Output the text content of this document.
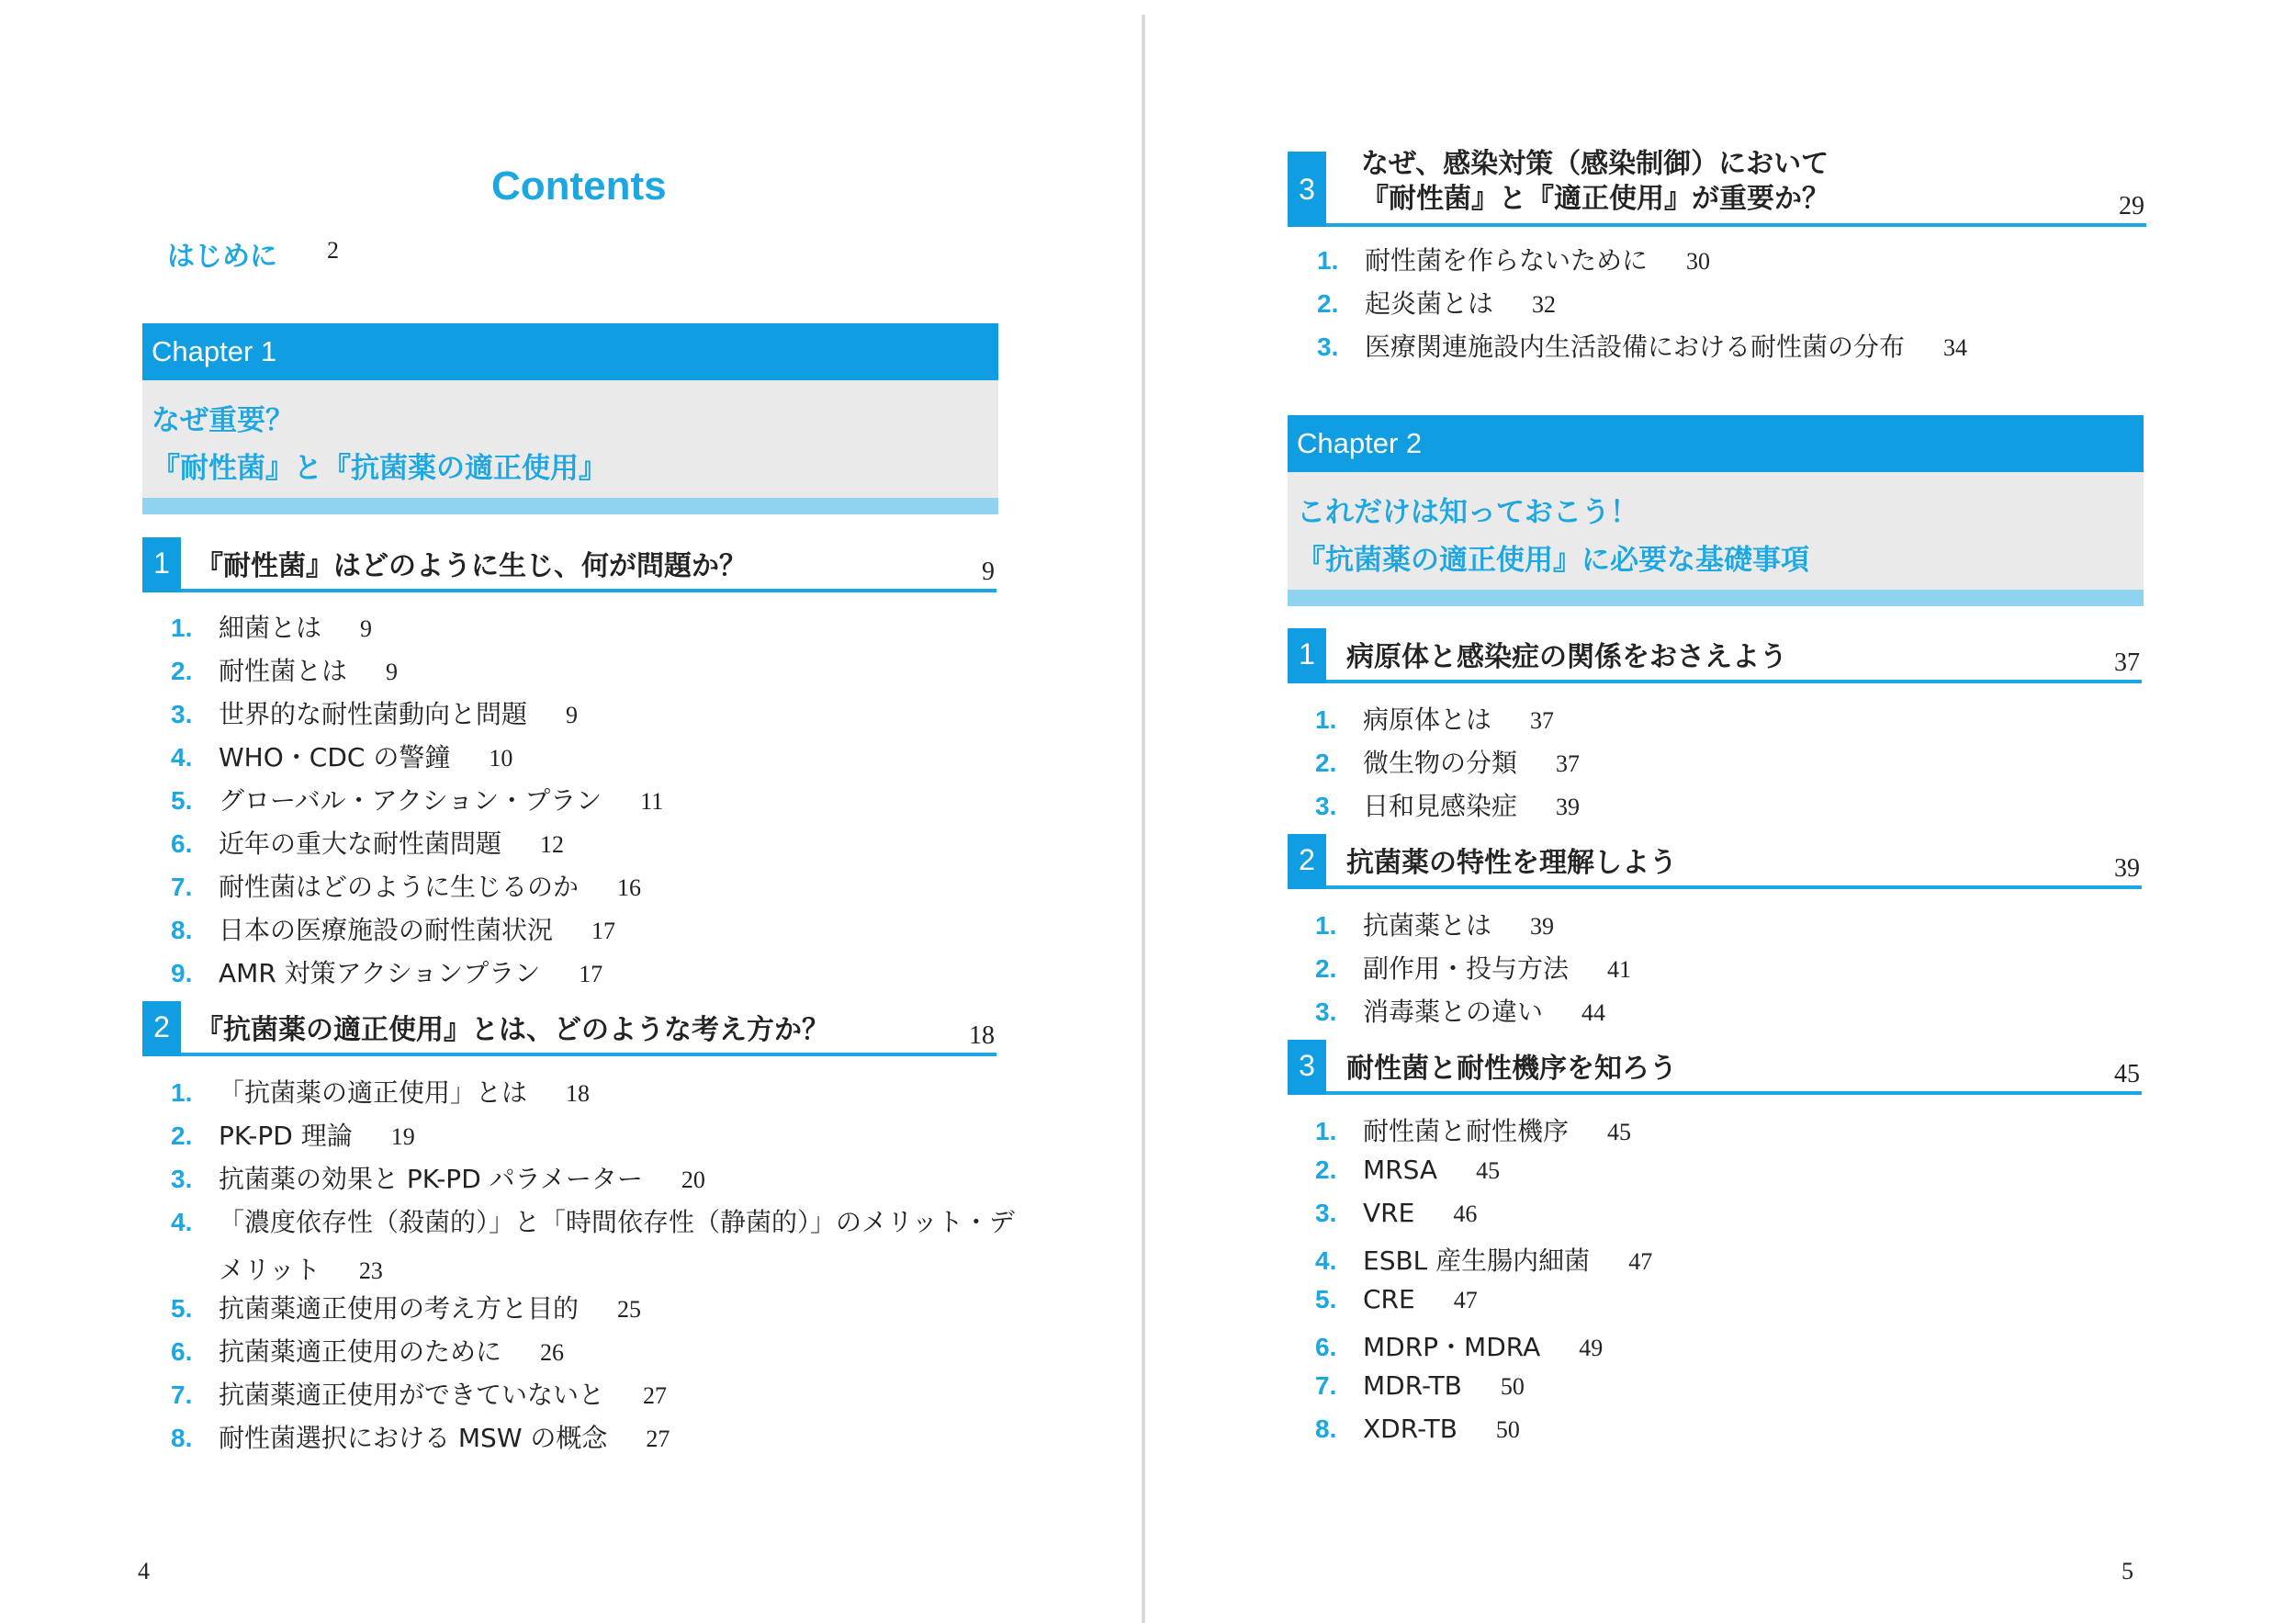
Contents
はじめに 2
Chapter 1
なぜ重要？
『耐性菌』と『抗菌薬の適正使用』
1 『耐性菌』はどのように生じ、何が問題か？	9
1. 細菌とは 9
2. 耐性菌とは 9
3. 世界的な耐性菌動向と問題 9
4. WHO・CDC の警鐘 10
5. グローバル・アクション・プラン 11
6. 近年の重大な耐性菌問題 12
7. 耐性菌はどのように生じるのか 16
8. 日本の医療施設の耐性菌状況 17
9. AMR 対策アクションプラン 17
2 『抗菌薬の適正使用』とは、どのような考え方か？	18
1. 「抗菌薬の適正使用」とは 18
2. PK-PD 理論 19
3. 抗菌薬の効果と PK-PD パラメーター 20
4. 「濃度依存性（殺菌的）」と「時間依存性（静菌的）」のメリット・デ
メリット 23
5. 抗菌薬適正使用の考え方と目的 25
6. 抗菌薬適正使用のために 26
7. 抗菌薬適正使用ができていないと 27
8. 耐性菌選択における MSW の概念 27
4
3
なぜ、感染対策（感染制御）において
『耐性菌』と『適正使用』が重要か？	29
1. 耐性菌を作らないために 30
2. 起炎菌とは 32
3. 医療関連施設内生活設備における耐性菌の分布 34
Chapter 2
これだけは知っておこう！
『抗菌薬の適正使用』に必要な基礎事項
1	病原体と感染症の関係をおさえよう	37
1. 病原体とは 37
2. 微生物の分類 37
3. 日和見感染症 39
2	抗菌薬の特性を理解しよう	39
1. 抗菌薬とは 39
2. 副作用・投与方法 41
3. 消毒薬との違い 44
3	耐性菌と耐性機序を知ろう	45
1. 耐性菌と耐性機序 45
2. MRSA 45
3. VRE 46
4. ESBL 産生腸内細菌 47
5. CRE 47
6. MDRP・MDRA 49
7. MDR-TB 50
8. XDR-TB 50
5
